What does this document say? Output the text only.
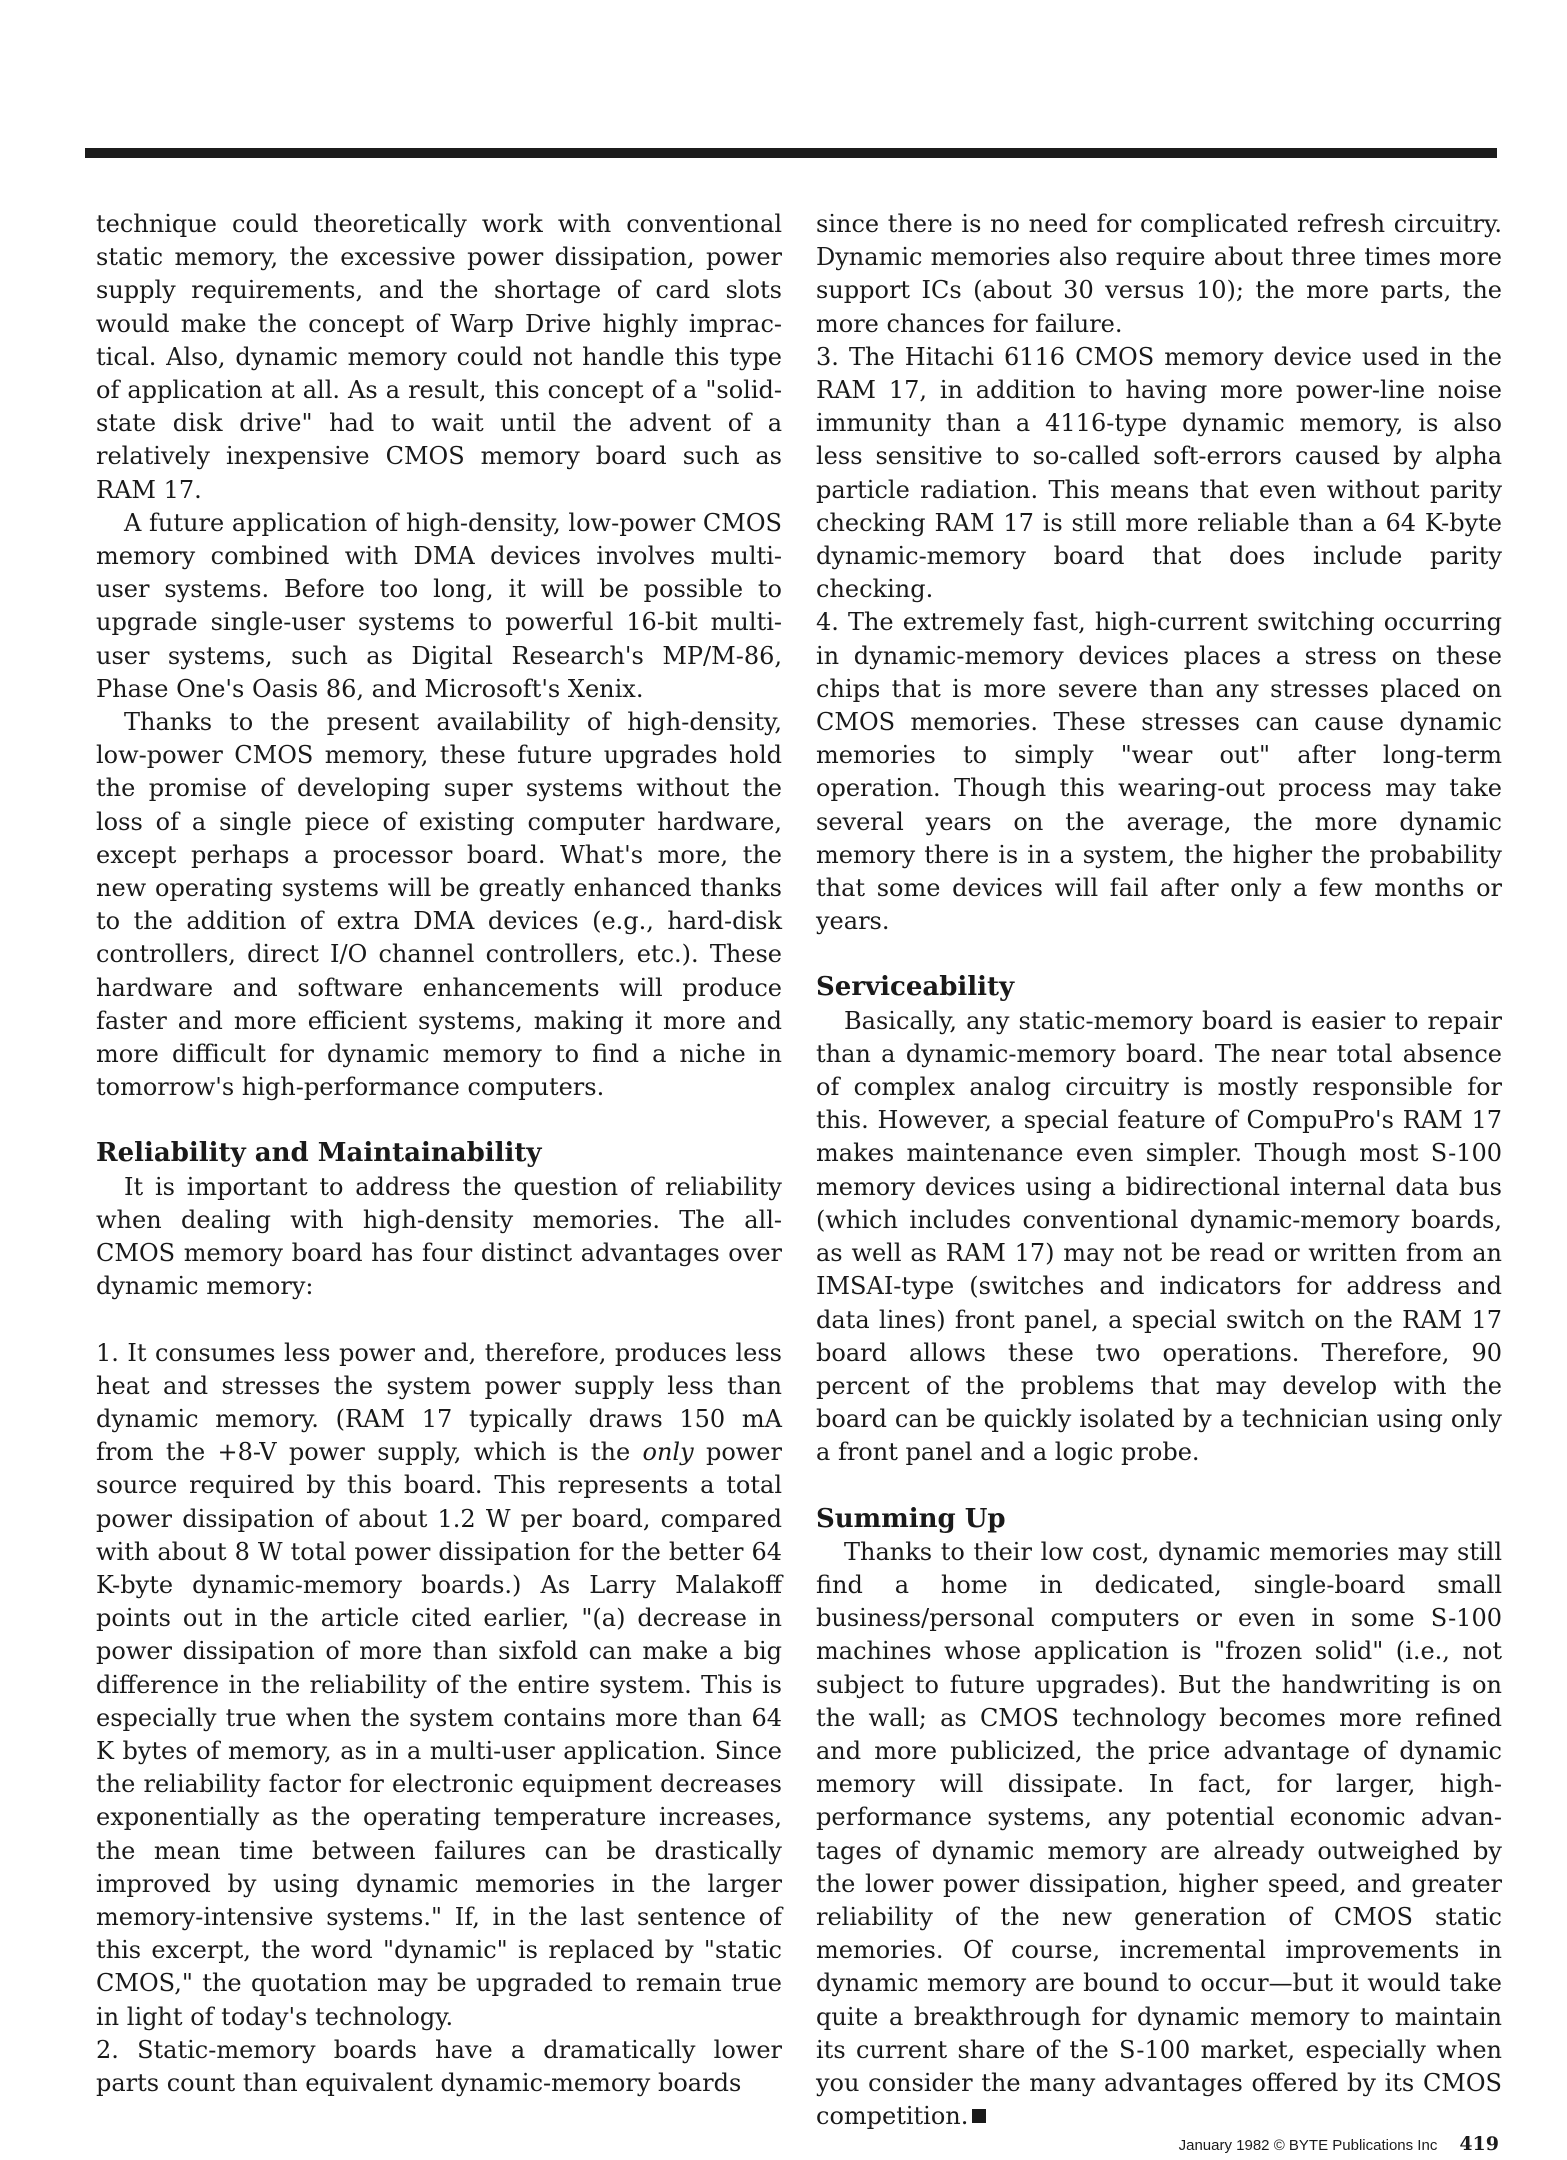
technique could theoretically work with conventional static memory, the excessive power dissipation, power supply requirements, and the shortage of card slots would make the concept of Warp Drive highly impractical. Also, dynamic memory could not handle this type of application at all. As a result, this concept of a "solid-state disk drive" had to wait until the advent of a relatively inexpensive CMOS memory board such as RAM 17.

A future application of high-density, low-power CMOS memory combined with DMA devices involves multi-user systems. Before too long, it will be possible to upgrade single-user systems to powerful 16-bit multi-user systems, such as Digital Research's MP/M-86, Phase One's Oasis 86, and Microsoft's Xenix.

Thanks to the present availability of high-density, low-power CMOS memory, these future upgrades hold the promise of developing super systems without the loss of a single piece of existing computer hardware, except perhaps a processor board. What's more, the new operating systems will be greatly enhanced thanks to the addition of extra DMA devices (e.g., hard-disk controllers, direct I/O channel controllers, etc.). These hardware and software enhancements will produce faster and more efficient systems, making it more and more difficult for dynamic memory to find a niche in tomorrow's high-performance computers.

Reliability and Maintainability

It is important to address the question of reliability when dealing with high-density memories. The all-CMOS memory board has four distinct advantages over dynamic memory:

1. It consumes less power and, therefore, produces less heat and stresses the system power supply less than dynamic memory. (RAM 17 typically draws 150 mA from the +8-V power supply, which is the only power source required by this board. This represents a total power dissipation of about 1.2 W per board, compared with about 8 W total power dissipation for the better 64 K-byte dynamic-memory boards.) As Larry Malakoff points out in the article cited earlier, "(a) decrease in power dissipation of more than sixfold can make a big difference in the reliability of the entire system. This is especially true when the system contains more than 64 K bytes of memory, as in a multi-user application. Since the reliability factor for electronic equipment decreases exponentially as the operating temperature increases, the mean time between failures can be drastically improved by using dynamic memories in the larger memory-intensive systems." If, in the last sentence of this excerpt, the word "dynamic" is replaced by "static CMOS," the quotation may be upgraded to remain true in light of today's technology.

2. Static-memory boards have a dramatically lower parts count than equivalent dynamic-memory boards

since there is no need for complicated refresh circuitry. Dynamic memories also require about three times more support ICs (about 30 versus 10); the more parts, the more chances for failure.

3. The Hitachi 6116 CMOS memory device used in the RAM 17, in addition to having more power-line noise immunity than a 4116-type dynamic memory, is also less sensitive to so-called soft-errors caused by alpha particle radiation. This means that even without parity checking RAM 17 is still more reliable than a 64 K-byte dynamic-memory board that does include parity checking.

4. The extremely fast, high-current switching occurring in dynamic-memory devices places a stress on these chips that is more severe than any stresses placed on CMOS memories. These stresses can cause dynamic memories to simply "wear out" after long-term operation. Though this wearing-out process may take several years on the average, the more dynamic memory there is in a system, the higher the probability that some devices will fail after only a few months or years.

Serviceability

Basically, any static-memory board is easier to repair than a dynamic-memory board. The near total absence of complex analog circuitry is mostly responsible for this. However, a special feature of CompuPro's RAM 17 makes maintenance even simpler. Though most S-100 memory devices using a bidirectional internal data bus (which includes conventional dynamic-memory boards, as well as RAM 17) may not be read or written from an IMSAI-type (switches and indicators for address and data lines) front panel, a special switch on the RAM 17 board allows these two operations. Therefore, 90 percent of the problems that may develop with the board can be quickly isolated by a technician using only a front panel and a logic probe.

Summing Up

Thanks to their low cost, dynamic memories may still find a home in dedicated, single-board small business/personal computers or even in some S-100 machines whose application is "frozen solid" (i.e., not subject to future upgrades). But the handwriting is on the wall; as CMOS technology becomes more refined and more publicized, the price advantage of dynamic memory will dissipate. In fact, for larger, high-performance systems, any potential economic advantages of dynamic memory are already outweighed by the lower power dissipation, higher speed, and greater reliability of the new generation of CMOS static memories. Of course, incremental improvements in dynamic memory are bound to occur—but it would take quite a breakthrough for dynamic memory to maintain its current share of the S-100 market, especially when you consider the many advantages offered by its CMOS competition.

January 1982 © BYTE Publications Inc 419
